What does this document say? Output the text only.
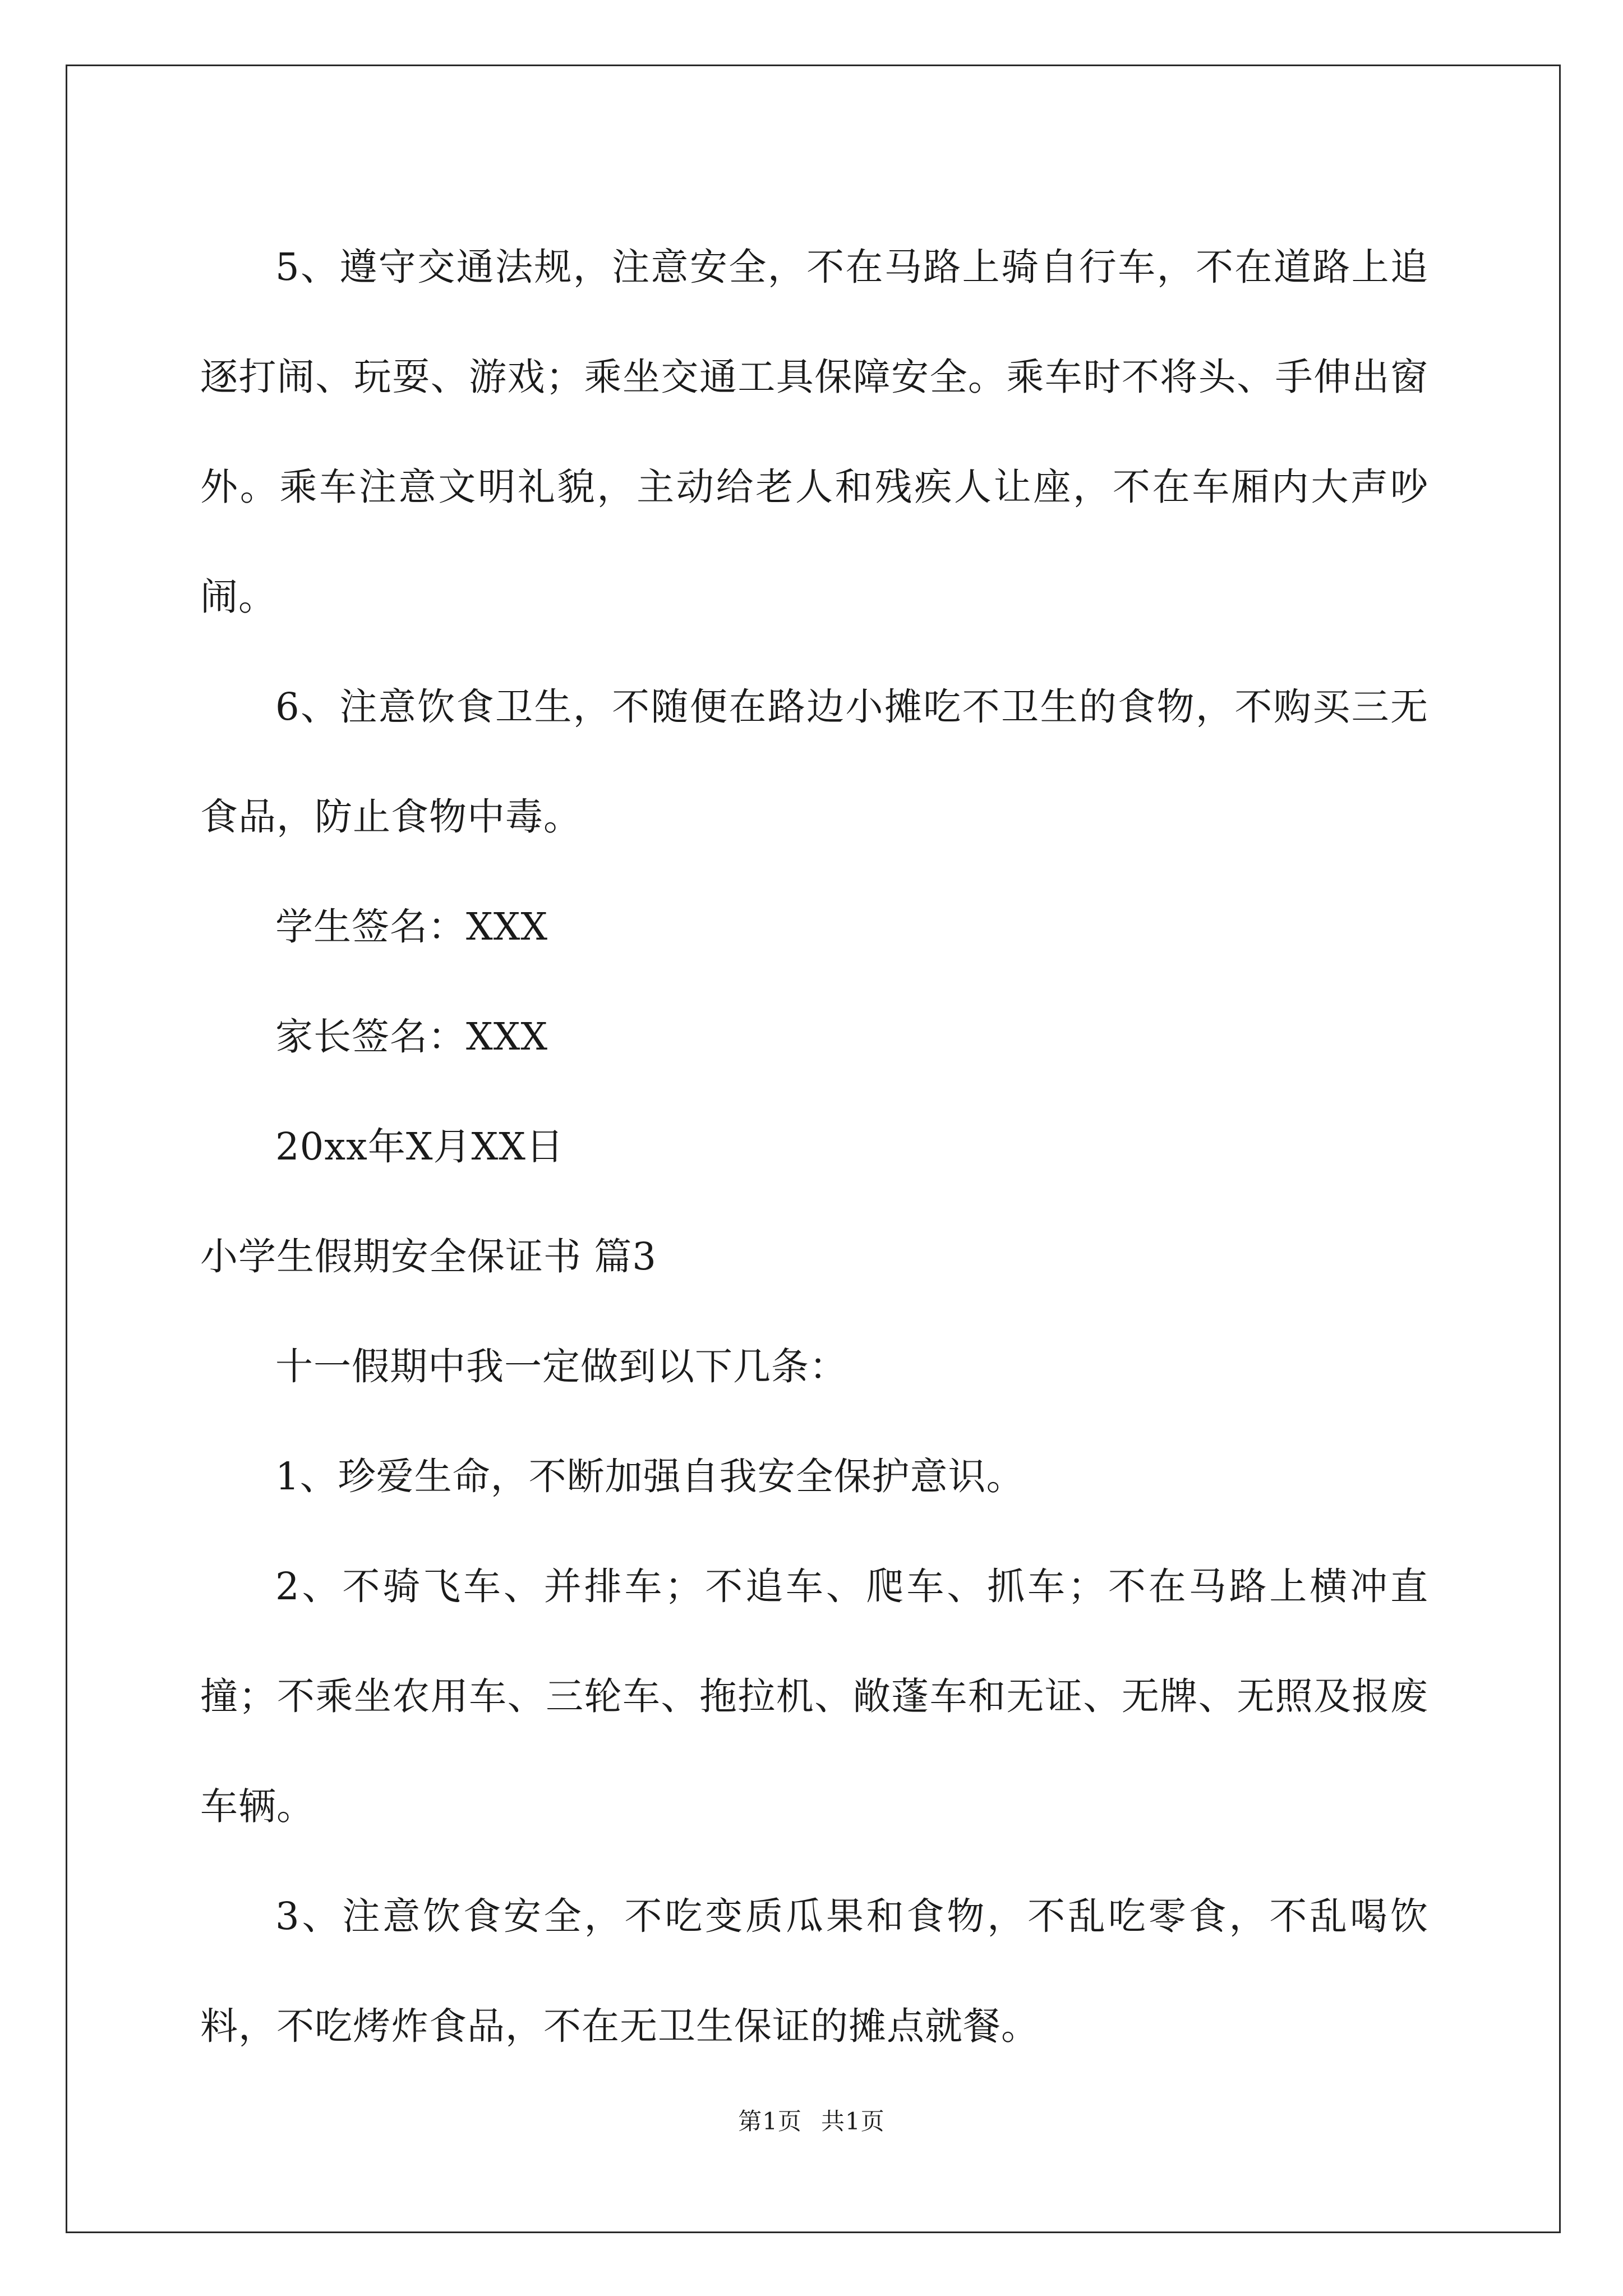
5、遵守交通法规，注意安全，不在马路上骑自行车，不在道路上追逐打闹、玩耍、游戏；乘坐交通工具保障安全。乘车时不将头、手伸出窗外。乘车注意文明礼貌，主动给老人和残疾人让座，不在车厢内大声吵闹。

6、注意饮食卫生，不随便在路边小摊吃不卫生的食物，不购买三无食品，防止食物中毒。

学生签名：XXX

家长签名：XXX

20xx年X月XX日

小学生假期安全保证书 篇3

十一假期中我一定做到以下几条：

1、珍爱生命，不断加强自我安全保护意识。

2、不骑飞车、并排车；不追车、爬车、抓车；不在马路上横冲直撞；不乘坐农用车、三轮车、拖拉机、敞蓬车和无证、无牌、无照及报废车辆。

3、注意饮食安全，不吃变质瓜果和食物，不乱吃零食，不乱喝饮料，不吃烤炸食品，不在无卫生保证的摊点就餐。

第1页 共1页
